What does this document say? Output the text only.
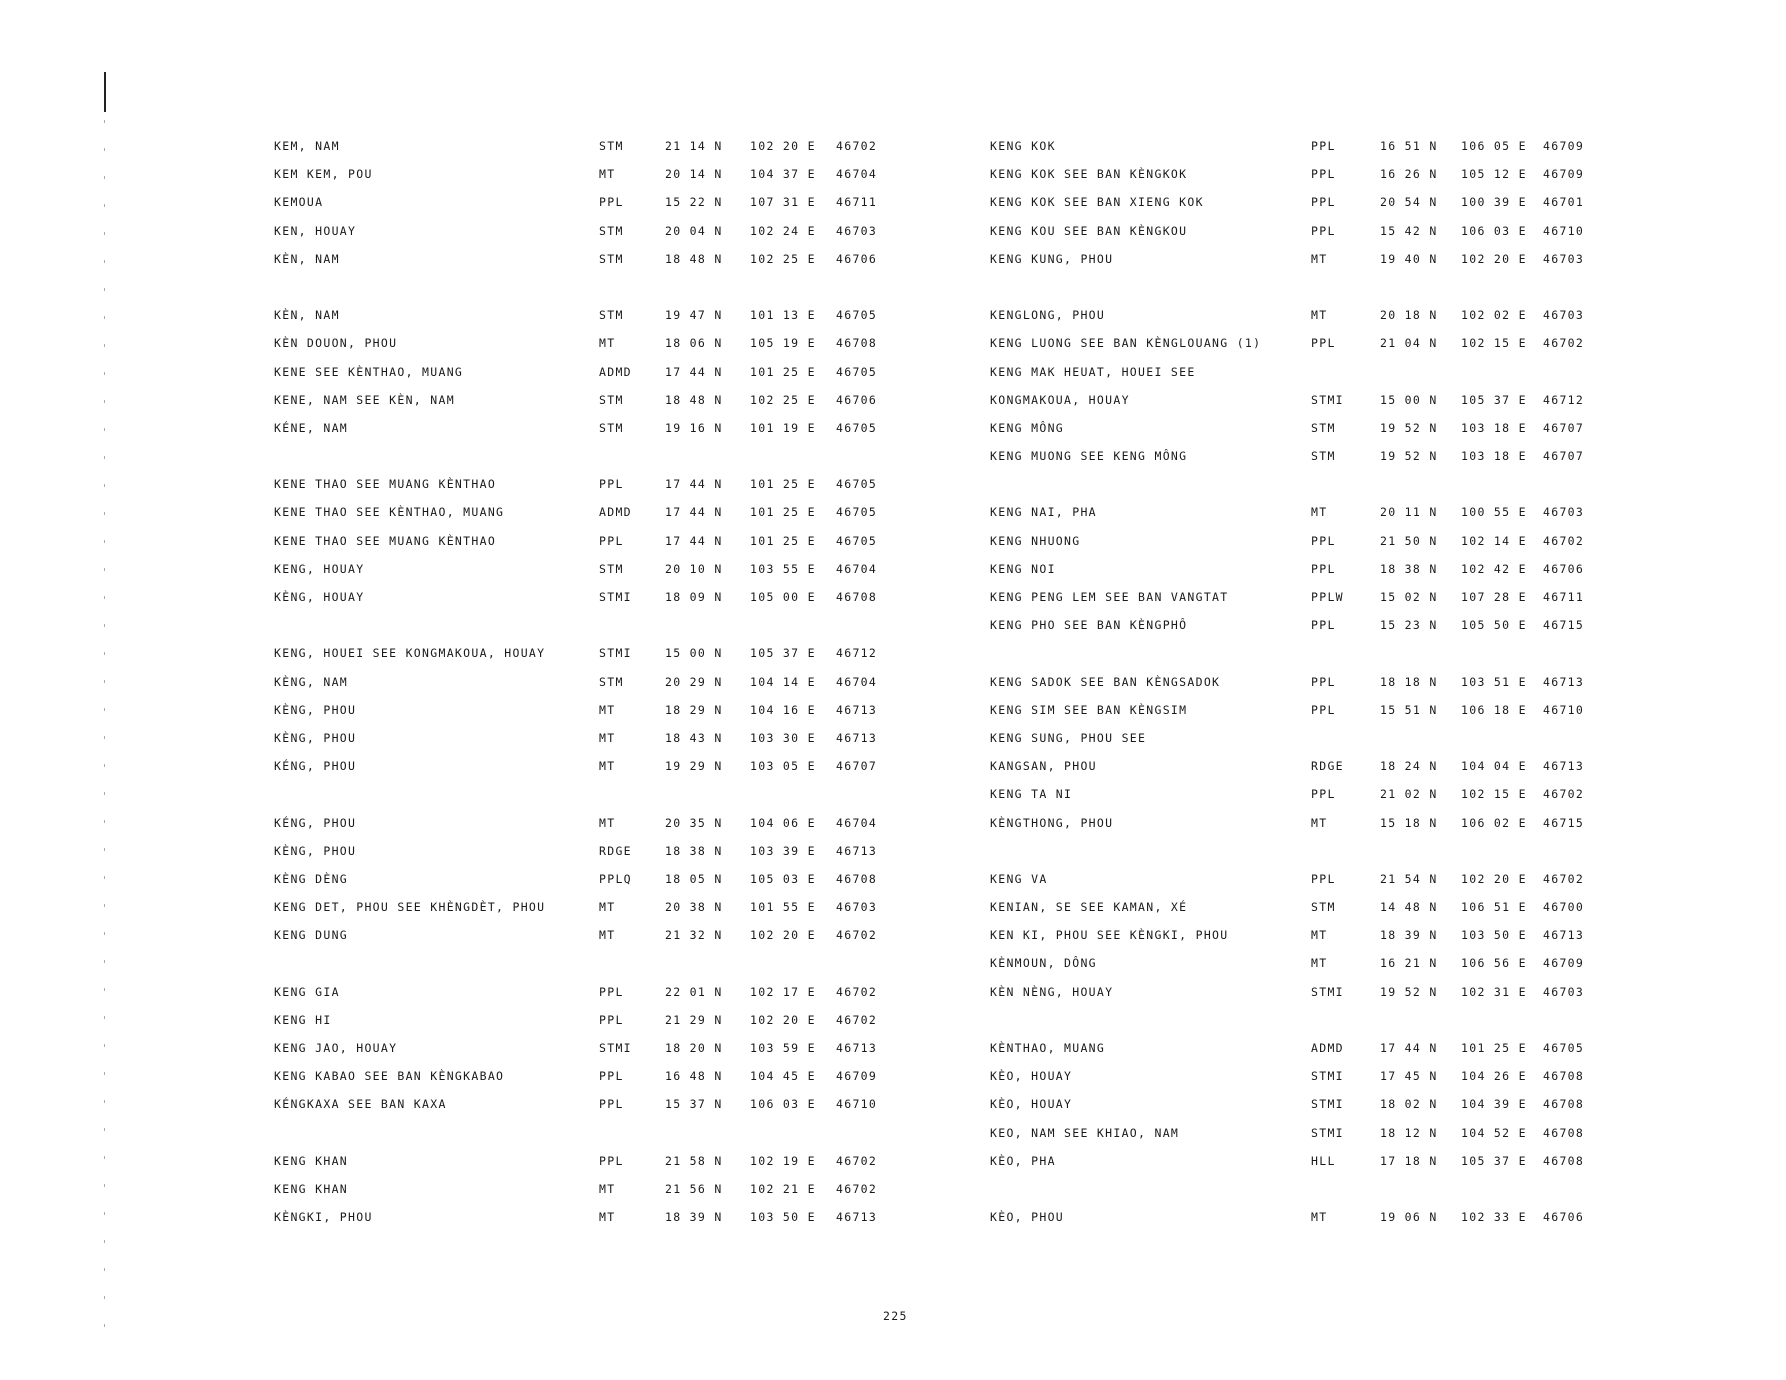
KEM, NAM	STM	21 14 N 102 20 E 46702
KEM KEM, POU	MT	20 14 N 104 37 E 46704
KEMOUA	PPL	15 22 N 107 31 E 46711
KEN, HOUAY	STM	20 04 N 102 24 E 46703
KÈN, NAM	STM	18 48 N 102 25 E 46706
KÈN, NAM	STM	19 47 N 101 13 E 46705
KÈN DOUON, PHOU	MT	18 06 N 105 19 E 46708
KENE SEE KÈNTHAO, MUANG	ADMD	17 44 N 101 25 E 46705
KENE, NAM SEE KÈN, NAM	STM	18 48 N 102 25 E 46706
KÉNE, NAM	STM	19 16 N 101 19 E 46705
KENE THAO SEE MUANG KÈNTHAO	PPL	17 44 N 101 25 E 46705
KENE THAO SEE KÈNTHAO, MUANG	ADMD	17 44 N 101 25 E 46705
KENE THAO SEE MUANG KÈNTHAO	PPL	17 44 N 101 25 E 46705
KENG, HOUAY	STM	20 10 N 103 55 E 46704
KÈNG, HOUAY	STMI	18 09 N 105 00 E 46708
KENG, HOUEI SEE KONGMAKOUA, HOUAY	STMI	15 00 N 105 37 E 46712
KÈNG, NAM	STM	20 29 N 104 14 E 46704
KÈNG, PHOU	MT	18 29 N 104 16 E 46713
KÈNG, PHOU	MT	18 43 N 103 30 E 46713
KÉNG, PHOU	MT	19 29 N 103 05 E 46707
KÉNG, PHOU	MT	20 35 N 104 06 E 46704
KÈNG, PHOU	RDGE	18 38 N 103 39 E 46713
KÈNG DÈNG	PPLQ	18 05 N 105 03 E 46708
KENG DET, PHOU SEE KHÈNGDÈT, PHOU	MT	20 38 N 101 55 E 46703
KENG DUNG	MT	21 32 N 102 20 E 46702
KENG GIA	PPL	22 01 N 102 17 E 46702
KENG HI	PPL	21 29 N 102 20 E 46702
KENG JAO, HOUAY	STMI	18 20 N 103 59 E 46713
KENG KABAO SEE BAN KÈNGKABAO	PPL	16 48 N 104 45 E 46709
KÉNGKAXA SEE BAN KAXA	PPL	15 37 N 106 03 E 46710
KENG KHAN	PPL	21 58 N 102 19 E 46702
KENG KHAN	MT	21 56 N 102 21 E 46702
KÈNGKI, PHOU	MT	18 39 N 103 50 E 46713
KENG KOK	PPL	16 51 N 106 05 E 46709
KENG KOK SEE BAN KÈNGKOK	PPL	16 26 N 105 12 E 46709
KENG KOK SEE BAN XIENG KOK	PPL	20 54 N 100 39 E 46701
KENG KOU SEE BAN KÈNGKOU	PPL	15 42 N 106 03 E 46710
KENG KUNG, PHOU	MT	19 40 N 102 20 E 46703
KENGLONG, PHOU	MT	20 18 N 102 02 E 46703
KENG LUONG SEE BAN KÈNGLOUANG (1)	PPL	21 04 N 102 15 E 46702
KENG MAK HEUAT, HOUEI SEE
KONGMAKOUA, HOUAY	STMI	15 00 N 105 37 E 46712
KENG MÔNG	STM	19 52 N 103 18 E 46707
KENG MUONG SEE KENG MÔNG	STM	19 52 N 103 18 E 46707
KENG NAI, PHA	MT	20 11 N 100 55 E 46703
KENG NHUONG	PPL	21 50 N 102 14 E 46702
KENG NOI	PPL	18 38 N 102 42 E 46706
KENG PENG LEM SEE BAN VANGTAT	PPLW	15 02 N 107 28 E 46711
KENG PHO SEE BAN KÈNGPHÔ	PPL	15 23 N 105 50 E 46715
KENG SADOK SEE BAN KÈNGSADOK	PPL	18 18 N 103 51 E 46713
KENG SIM SEE BAN KÈNGSIM	PPL	15 51 N 106 18 E 46710
KENG SUNG, PHOU SEE
KANGSAN, PHOU	RDGE	18 24 N 104 04 E 46713
KENG TA NI	PPL	21 02 N 102 15 E 46702
KÈNGTHONG, PHOU	MT	15 18 N 106 02 E 46715
KENG VA	PPL	21 54 N 102 20 E 46702
KENIAN, SE SEE KAMAN, XÉ	STM	14 48 N 106 51 E 46700
KEN KI, PHOU SEE KÈNGKI, PHOU	MT	18 39 N 103 50 E 46713
KÈNMOUN, DÔNG	MT	16 21 N 106 56 E 46709
KÈN NÈNG, HOUAY	STMI	19 52 N 102 31 E 46703
KÈNTHAO, MUANG	ADMD	17 44 N 101 25 E 46705
KÈO, HOUAY	STMI	17 45 N 104 26 E 46708
KÈO, HOUAY	STMI	18 02 N 104 39 E 46708
KEO, NAM SEE KHIAO, NAM	STMI	18 12 N 104 52 E 46708
KÈO, PHA	HLL	17 18 N 105 37 E 46708
KÈO, PHOU	MT	19 06 N 102 33 E 46706
225
